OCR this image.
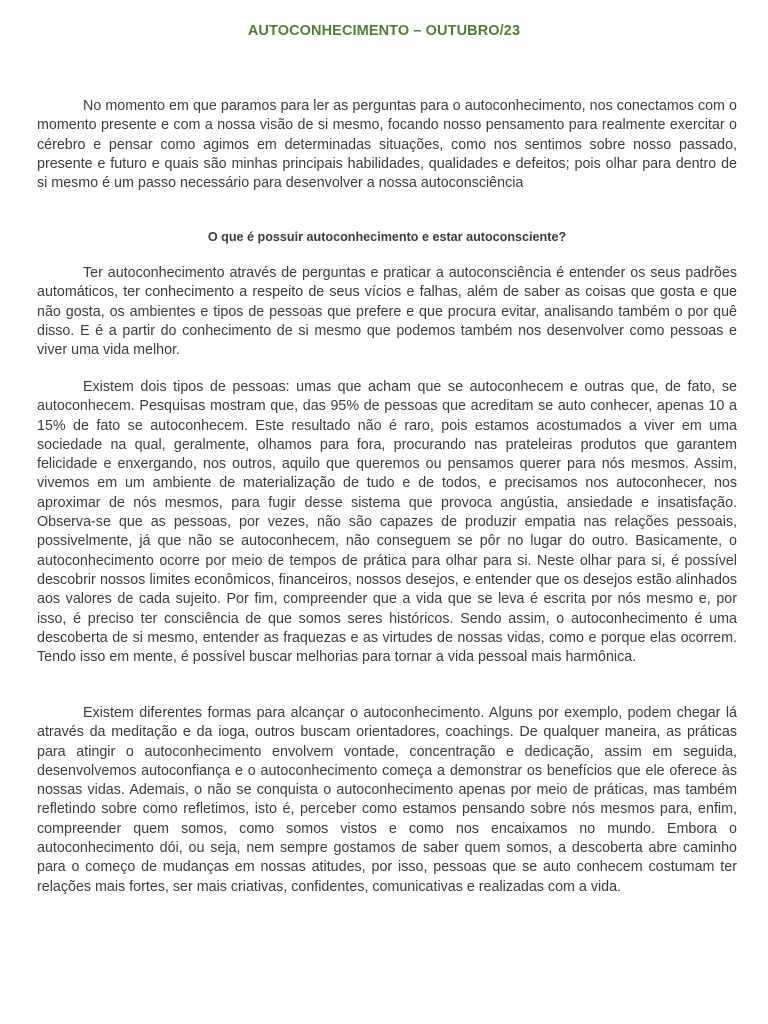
AUTOCONHECIMENTO – OUTUBRO/23

No momento em que paramos para ler as perguntas para o autoconhecimento, nos conectamos com o momento presente e com a nossa visão de si mesmo, focando nosso pensamento para realmente exercitar o cérebro e pensar como agimos em determinadas situações, como nos sentimos sobre nosso passado, presente e futuro e quais são minhas principais habilidades, qualidades e defeitos; pois olhar para dentro de si mesmo é um passo necessário para desenvolver a nossa autoconsciência

O que é possuir autoconhecimento e estar autoconsciente?

Ter autoconhecimento através de perguntas e praticar a autoconsciência é entender os seus padrões automáticos, ter conhecimento a respeito de seus vícios e falhas, além de saber as coisas que gosta e que não gosta, os ambientes e tipos de pessoas que prefere e que procura evitar, analisando também o por quê disso. E é a partir do conhecimento de si mesmo que podemos também nos desenvolver como pessoas e viver uma vida melhor.

Existem dois tipos de pessoas: umas que acham que se autoconhecem e outras que, de fato, se autoconhecem. Pesquisas mostram que, das 95% de pessoas que acreditam se auto conhecer, apenas 10 a 15% de fato se autoconhecem. Este resultado não é raro, pois estamos acostumados a viver em uma sociedade na qual, geralmente, olhamos para fora, procurando nas prateleiras produtos que garantem felicidade e enxergando, nos outros, aquilo que queremos ou pensamos querer para nós mesmos. Assim, vivemos em um ambiente de materialização de tudo e de todos, e precisamos nos autoconhecer, nos aproximar de nós mesmos, para fugir desse sistema que provoca angústia, ansiedade e insatisfação. Observa-se que as pessoas, por vezes, não são capazes de produzir empatia nas relações pessoais, possivelmente, já que não se autoconhecem, não conseguem se pôr no lugar do outro. Basicamente, o autoconhecimento ocorre por meio de tempos de prática para olhar para si. Neste olhar para si, é possível descobrir nossos limites econômicos, financeiros, nossos desejos, e entender que os desejos estão alinhados aos valores de cada sujeito. Por fim, compreender que a vida que se leva é escrita por nós mesmo e, por isso, é preciso ter consciência de que somos seres históricos. Sendo assim, o autoconhecimento é uma descoberta de si mesmo, entender as fraquezas e as virtudes de nossas vidas, como e porque elas ocorrem. Tendo isso em mente, é possível buscar melhorias para tornar a vida pessoal mais harmônica.

Existem diferentes formas para alcançar o autoconhecimento. Alguns por exemplo, podem chegar lá através da meditação e da ioga, outros buscam orientadores, coachings. De qualquer maneira, as práticas para atingir o autoconhecimento envolvem vontade, concentração e dedicação, assim em seguida, desenvolvemos autoconfiança e o autoconhecimento começa a demonstrar os benefícios que ele oferece às nossas vidas. Ademais, o não se conquista o autoconhecimento apenas por meio de práticas, mas também refletindo sobre como refletimos, isto é, perceber como estamos pensando sobre nós mesmos para, enfim, compreender quem somos, como somos vistos e como nos encaixamos no mundo. Embora o autoconhecimento dói, ou seja, nem sempre gostamos de saber quem somos, a descoberta abre caminho para o começo de mudanças em nossas atitudes, por isso, pessoas que se auto conhecem costumam ter relações mais fortes, ser mais criativas, confidentes, comunicativas e realizadas com a vida.
